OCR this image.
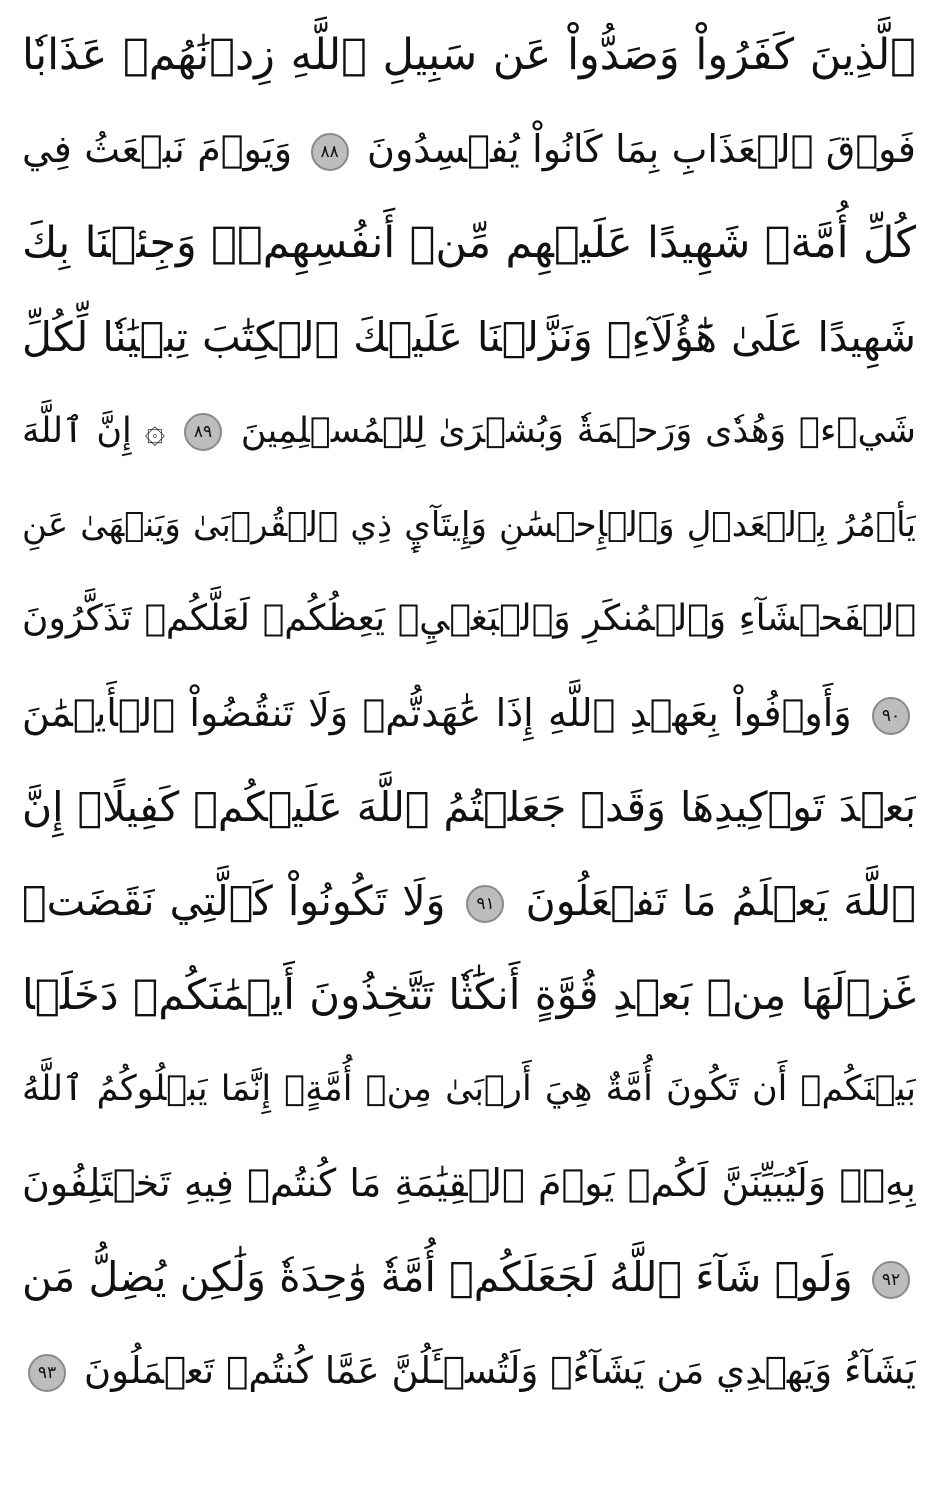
ٱلَّذِينَ كَفَرُواْ وَصَدُّواْ عَن سَبِيلِ ٱللَّهِ زِدۡنَٰهُمۡ عَذَابٗا
فَوۡقَ ٱلۡعَذَابِ بِمَا كَانُواْ يُفۡسِدُونَ ٨٨ وَيَوۡمَ نَبۡعَثُ فِي
كُلِّ أُمَّةٖ شَهِيدًا عَلَيۡهِم مِّنۡ أَنفُسِهِمۡۖ وَجِئۡنَا بِكَ
شَهِيدًا عَلَىٰ هَٰٓؤُلَآءِۚ وَنَزَّلۡنَا عَلَيۡكَ ٱلۡكِتَٰبَ تِبۡيَٰنٗا لِّكُلِّ
شَيۡءٖ وَهُدٗى وَرَحۡمَةٗ وَبُشۡرَىٰ لِلۡمُسۡلِمِينَ ٨٩ ۞ إِنَّ ٱللَّهَ
يَأۡمُرُ بِٱلۡعَدۡلِ وَٱلۡإِحۡسَٰنِ وَإِيتَآيِٕ ذِي ٱلۡقُرۡبَىٰ وَيَنۡهَىٰ عَنِ
ٱلۡفَحۡشَآءِ وَٱلۡمُنكَرِ وَٱلۡبَغۡيِۚ يَعِظُكُمۡ لَعَلَّكُمۡ تَذَكَّرُونَ
٩٠ وَأَوۡفُواْ بِعَهۡدِ ٱللَّهِ إِذَا عَٰهَدتُّمۡ وَلَا تَنقُضُواْ ٱلۡأَيۡمَٰنَ
بَعۡدَ تَوۡكِيدِهَا وَقَدۡ جَعَلۡتُمُ ٱللَّهَ عَلَيۡكُمۡ كَفِيلًاۚ إِنَّ
ٱللَّهَ يَعۡلَمُ مَا تَفۡعَلُونَ ٩١ وَلَا تَكُونُواْ كَٱلَّتِي نَقَضَتۡ
غَزۡلَهَا مِنۢ بَعۡدِ قُوَّةٍ أَنكَٰثٗا تَتَّخِذُونَ أَيۡمَٰنَكُمۡ دَخَلَۢا
بَيۡنَكُمۡ أَن تَكُونَ أُمَّةٌ هِيَ أَرۡبَىٰ مِنۡ أُمَّةٍۚ إِنَّمَا يَبۡلُوكُمُ ٱللَّهُ
بِهِۦۚ وَلَيُبَيِّنَنَّ لَكُمۡ يَوۡمَ ٱلۡقِيَٰمَةِ مَا كُنتُمۡ فِيهِ تَخۡتَلِفُونَ
٩٢ وَلَوۡ شَآءَ ٱللَّهُ لَجَعَلَكُمۡ أُمَّةٗ وَٰحِدَةٗ وَلَٰكِن يُضِلُّ مَن
يَشَآءُ وَيَهۡدِي مَن يَشَآءُۚ وَلَتُسۡـَٔلُنَّ عَمَّا كُنتُمۡ تَعۡمَلُونَ ٩٣
